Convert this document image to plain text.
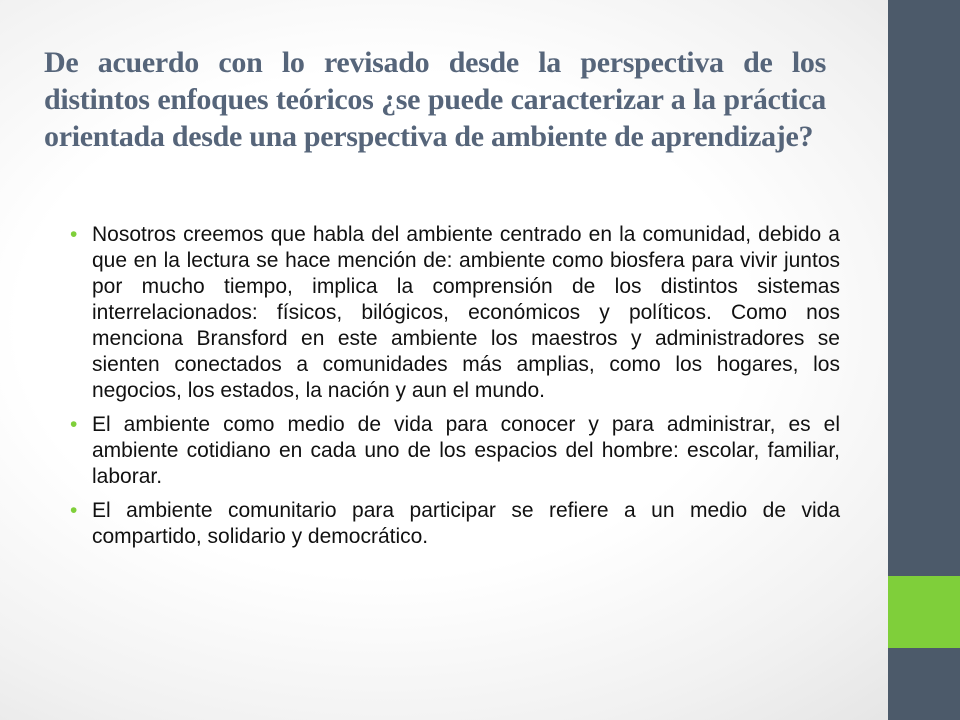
De acuerdo con lo revisado desde la perspectiva de los distintos enfoques teóricos ¿se puede caracterizar a la práctica orientada desde una perspectiva de ambiente de aprendizaje?
• Nosotros creemos que habla del ambiente centrado en la comunidad, debido a que en la lectura se hace mención de: ambiente como biosfera para vivir juntos por mucho tiempo, implica la comprensión de los distintos sistemas interrelacionados: físicos, bilógicos, económicos y políticos. Como nos menciona Bransford en este ambiente los maestros y administradores se sienten conectados a comunidades más amplias, como los hogares, los negocios, los estados, la nación y aun el mundo.
• El ambiente como medio de vida para conocer y para administrar, es el ambiente cotidiano en cada uno de los espacios del hombre: escolar, familiar, laborar.
• El ambiente comunitario para participar se refiere a un medio de vida compartido, solidario y democrático.
